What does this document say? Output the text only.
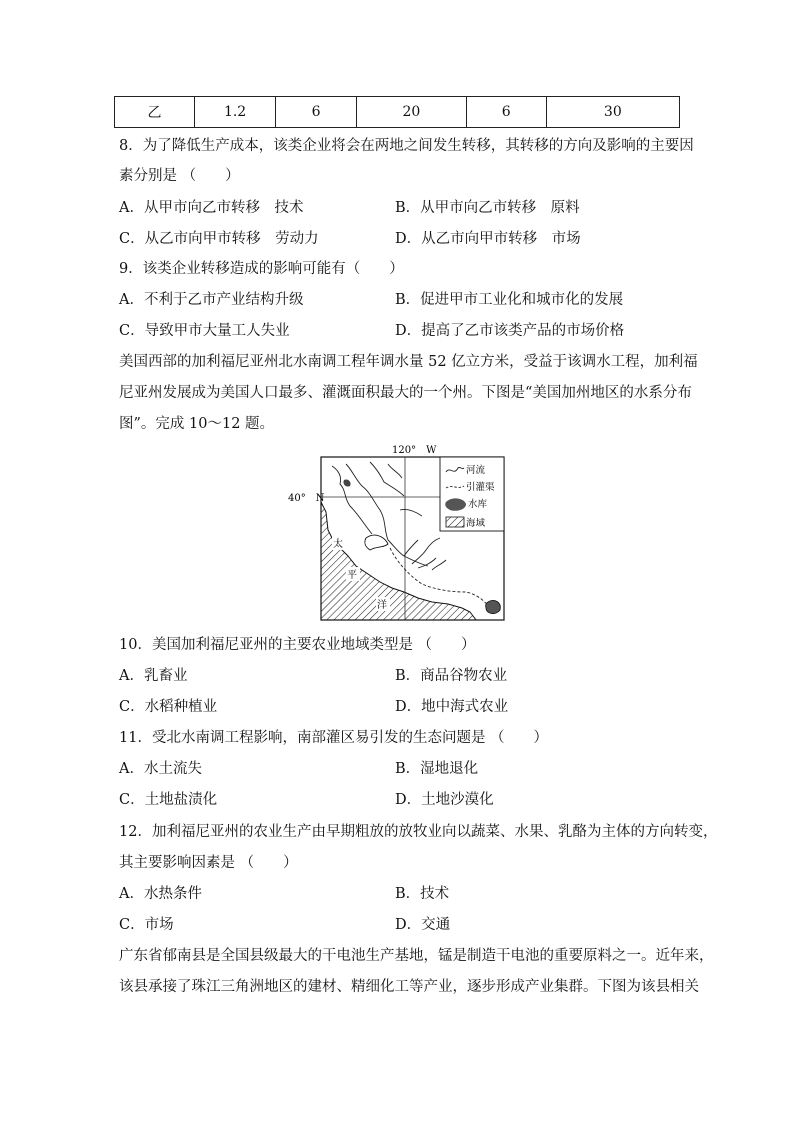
乙	1.2	6	20	6	30
8．为了降低生产成本，该类企业将会在两地之间发生转移，其转移的方向及影响的主要因
素分别是 （　　）
A．从甲市向乙市转移　技术	B．从甲市向乙市转移　原料
C．从乙市向甲市转移　劳动力	D．从乙市向甲市转移　市场
9．该类企业转移造成的影响可能有（　　）
A．不利于乙市产业结构升级	B．促进甲市工业化和城市化的发展
C．导致甲市大量工人失业	D．提高了乙市该类产品的市场价格
美国西部的加利福尼亚州北水南调工程年调水量 52 亿立方米，受益于该调水工程，加利福
尼亚州发展成为美国人口最多、灌溉面积最大的一个州。下图是“美国加州地区的水系分布
图”。完成 10～12 题。
120°　W
40°　N
太
平
洋
河流
引灌渠
水库
海域
10．美国加利福尼亚州的主要农业地域类型是 （　　）
A．乳畜业	B．商品谷物农业
C．水稻种植业	D．地中海式农业
11．受北水南调工程影响，南部灌区易引发的生态问题是 （　　）
A．水土流失	B．湿地退化
C．土地盐渍化	D．土地沙漠化
12．加利福尼亚州的农业生产由早期粗放的放牧业向以蔬菜、水果、乳酪为主体的方向转变，
其主要影响因素是 （　　）
A．水热条件	B．技术
C．市场	D．交通
广东省郁南县是全国县级最大的干电池生产基地，锰是制造干电池的重要原料之一。近年来，
该县承接了珠江三角洲地区的建材、精细化工等产业，逐步形成产业集群。下图为该县相关
